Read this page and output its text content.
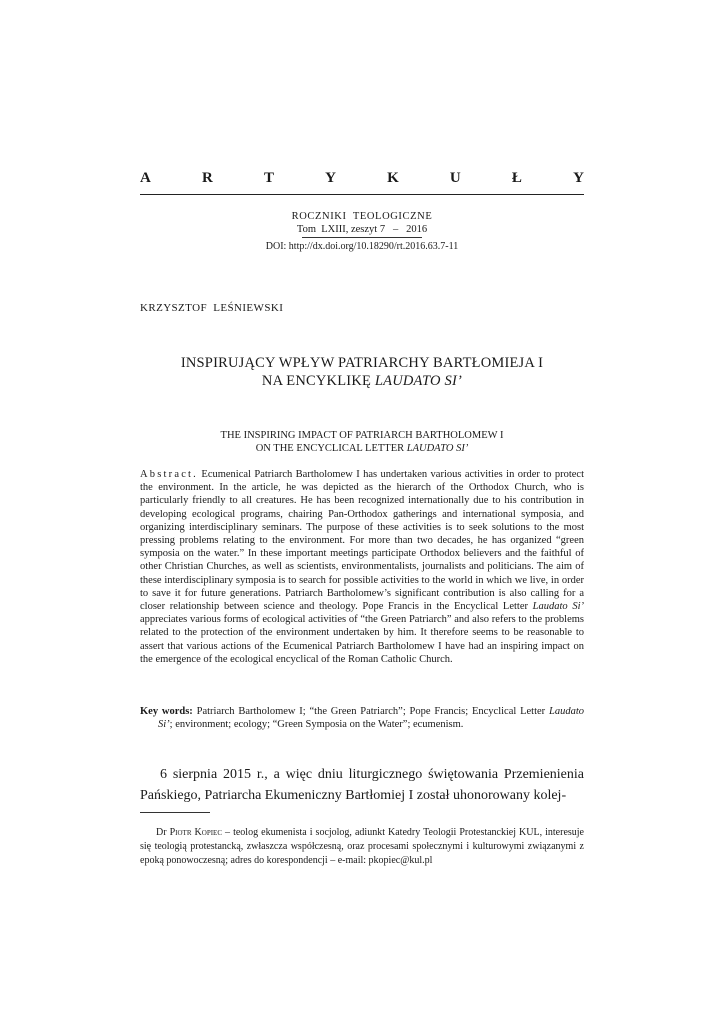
A	R	T	Y	K	U	Ł	Y
ROCZNIKI  TEOLOGICZNE
Tom  LXIII, zeszyt 7   –   2016
DOI: http://dx.doi.org/10.18290/rt.2016.63.7-11
KRZYSZTOF  LEŚNIEWSKI
INSPIRUJĄCY WPŁYW PATRIARCHY BARTŁOMIEJA I
NA ENCYKLIKĘ LAUDATO SI’
THE INSPIRING IMPACT OF PATRIARCH BARTHOLOMEW I
ON THE ENCYCLICAL LETTER LAUDATO SI’
Abstract. Ecumenical Patriarch Bartholomew I has undertaken various activities in order to protect the environment. In the article, he was depicted as the hierarch of the Orthodox Church, who is particularly friendly to all creatures. He has been recognized internationally due to his contribution in developing ecological programs, chairing Pan-Orthodox gatherings and international symposia, and organizing interdisciplinary seminars. The purpose of these activities is to seek solutions to the most pressing problems relating to the environment. For more than two decades, he has organized “green symposia on the water.” In these important meetings participate Orthodox believers and the faithful of other Christian Churches, as well as scientists, environmentalists, journalists and politicians. The aim of these interdisciplinary symposia is to search for possible activities to the world in which we live, in order to save it for future generations. Patriarch Bartholomew’s significant contribution is also calling for a closer relationship between science and theology. Pope Francis in the Encyclical Letter Laudato Si’ appreciates various forms of ecological activities of “the Green Patriarch” and also refers to the problems related to the protection of the environment undertaken by him. It therefore seems to be reasonable to assert that various actions of the Ecumenical Patriarch Bartholomew I have had an inspiring impact on the emergence of the ecological encyclical of the Roman Catholic Church.
Key words: Patriarch Bartholomew I; “the Green Patriarch”; Pope Francis; Encyclical Letter Laudato Si’; environment; ecology; “Green Symposia on the Water”; ecumenism.
6 sierpnia 2015 r., a więc dniu liturgicznego świętowania Przemienienia Pańskiego, Patriarcha Ekumeniczny Bartłomiej I został uhonorowany kolej-
Dr Piotr Kopiec – teolog ekumenista i socjolog, adiunkt Katedry Teologii Protestanckiej KUL, interesuje się teologią protestancką, zwłaszcza współczesną, oraz procesami społecznymi i kulturowymi związanymi z epoką ponowoczesną; adres do korespondencji – e-mail: pkopiec@kul.pl
